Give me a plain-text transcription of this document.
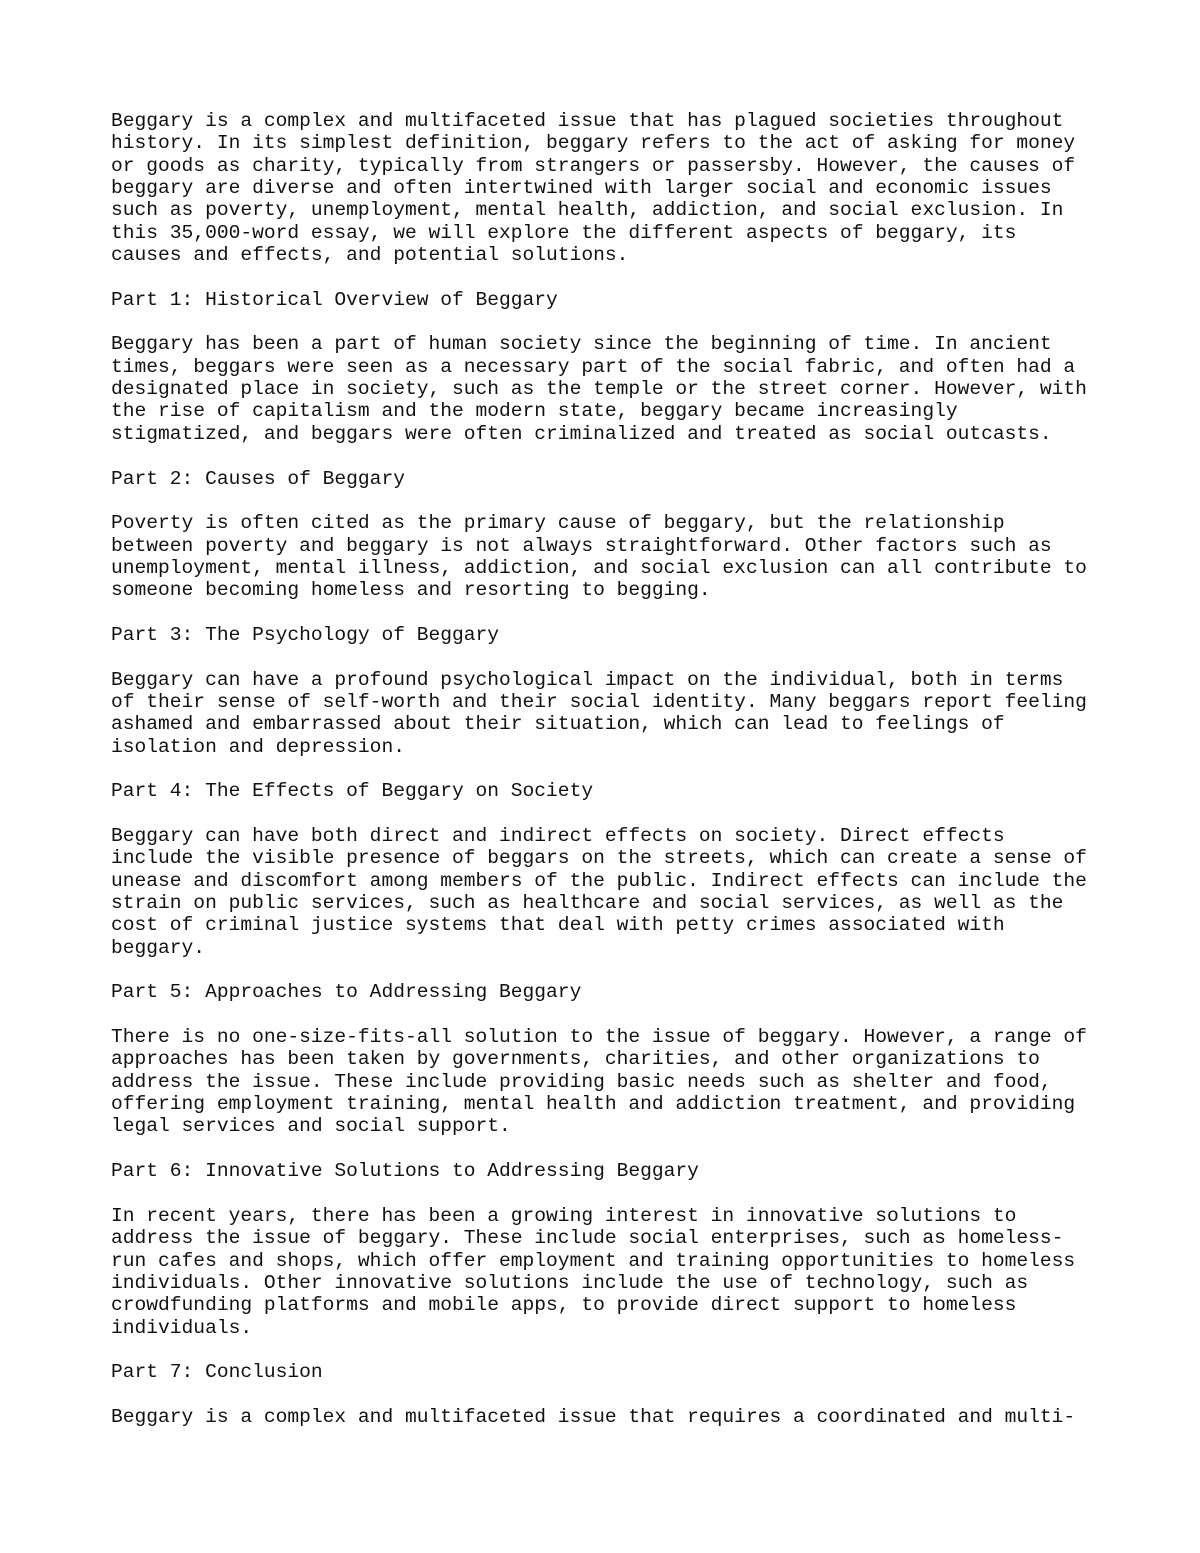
Beggary is a complex and multifaceted issue that has plagued societies throughout
history. In its simplest definition, beggary refers to the act of asking for money
or goods as charity, typically from strangers or passersby. However, the causes of
beggary are diverse and often intertwined with larger social and economic issues
such as poverty, unemployment, mental health, addiction, and social exclusion. In
this 35,000-word essay, we will explore the different aspects of beggary, its
causes and effects, and potential solutions.

Part 1: Historical Overview of Beggary

Beggary has been a part of human society since the beginning of time. In ancient
times, beggars were seen as a necessary part of the social fabric, and often had a
designated place in society, such as the temple or the street corner. However, with
the rise of capitalism and the modern state, beggary became increasingly
stigmatized, and beggars were often criminalized and treated as social outcasts.

Part 2: Causes of Beggary

Poverty is often cited as the primary cause of beggary, but the relationship
between poverty and beggary is not always straightforward. Other factors such as
unemployment, mental illness, addiction, and social exclusion can all contribute to
someone becoming homeless and resorting to begging.

Part 3: The Psychology of Beggary

Beggary can have a profound psychological impact on the individual, both in terms
of their sense of self-worth and their social identity. Many beggars report feeling
ashamed and embarrassed about their situation, which can lead to feelings of
isolation and depression.

Part 4: The Effects of Beggary on Society

Beggary can have both direct and indirect effects on society. Direct effects
include the visible presence of beggars on the streets, which can create a sense of
unease and discomfort among members of the public. Indirect effects can include the
strain on public services, such as healthcare and social services, as well as the
cost of criminal justice systems that deal with petty crimes associated with
beggary.

Part 5: Approaches to Addressing Beggary

There is no one-size-fits-all solution to the issue of beggary. However, a range of
approaches has been taken by governments, charities, and other organizations to
address the issue. These include providing basic needs such as shelter and food,
offering employment training, mental health and addiction treatment, and providing
legal services and social support.

Part 6: Innovative Solutions to Addressing Beggary

In recent years, there has been a growing interest in innovative solutions to
address the issue of beggary. These include social enterprises, such as homeless-
run cafes and shops, which offer employment and training opportunities to homeless
individuals. Other innovative solutions include the use of technology, such as
crowdfunding platforms and mobile apps, to provide direct support to homeless
individuals.

Part 7: Conclusion

Beggary is a complex and multifaceted issue that requires a coordinated and multi-
